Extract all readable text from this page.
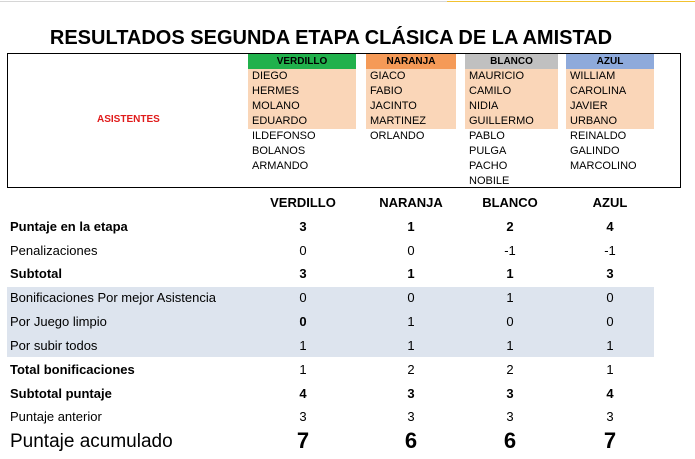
RESULTADOS SEGUNDA ETAPA CLÁSICA DE LA AMISTAD
ASISTENTES
VERDILLO
DIEGO
HERMES
MOLANO
EDUARDO
ILDEFONSO
BOLANOS
ARMANDO
NARANJA
GIACO
FABIO
JACINTO
MARTINEZ
ORLANDO
BLANCO
MAURICIO
CAMILO
NIDIA
GUILLERMO
PABLO
PULGA
PACHO
NOBILE
AZUL
WILLIAM
CAROLINA
JAVIER
URBANO
REINALDO
GALINDO
MARCOLINO
VERDILLO	NARANJA	BLANCO	AZUL
Puntaje en la etapa	3	1	2	4
Penalizaciones	0	0	-1	-1
Subtotal	3	1	1	3
Bonificaciones Por mejor Asistencia	0	0	1	0
Por Juego limpio	0	1	0	0
Por subir todos	1	1	1	1
Total bonificaciones	1	2	2	1
Subtotal puntaje	4	3	3	4
Puntaje anterior	3	3	3	3
Puntaje acumulado	7	6	6	7
